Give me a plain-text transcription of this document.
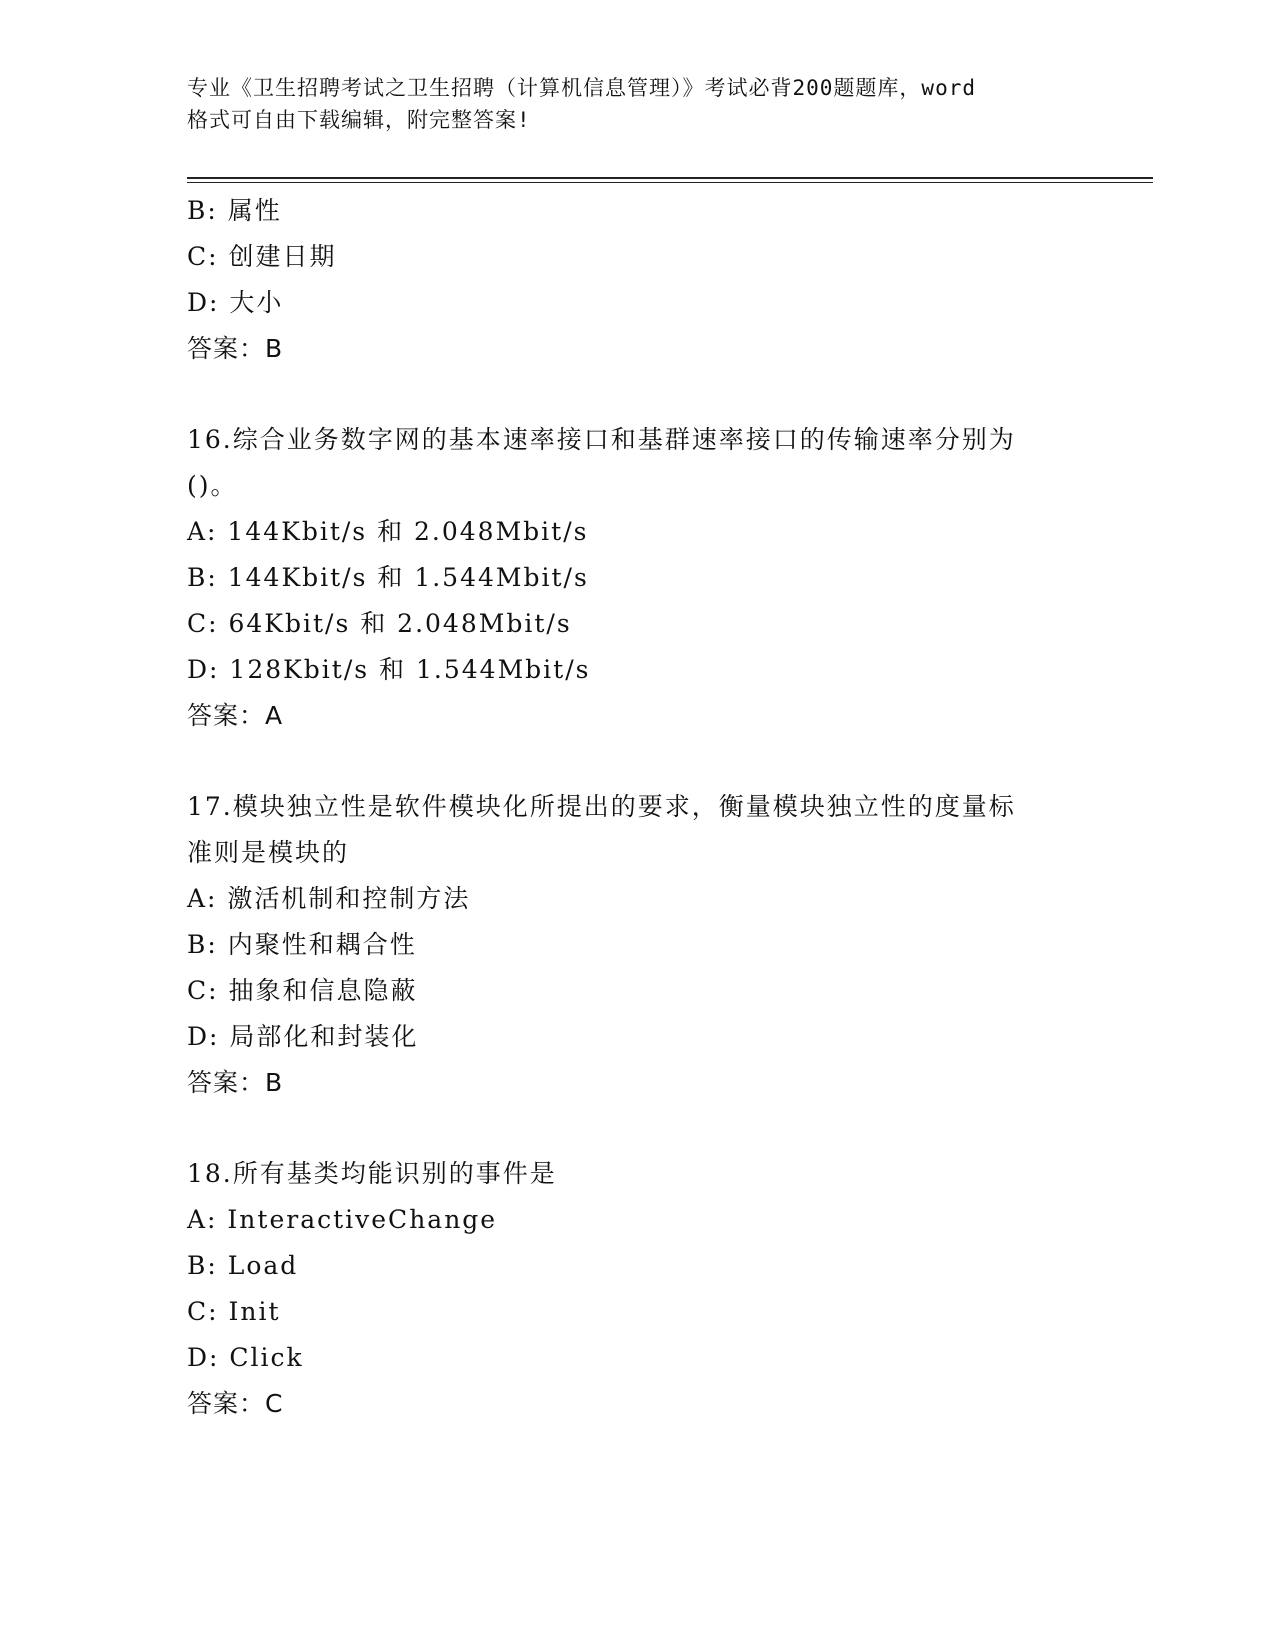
专业《卫生招聘考试之卫生招聘（计算机信息管理）》考试必背200题题库，word
格式可自由下载编辑，附完整答案!
B: 属性
C: 创建日期
D: 大小
答案：B
16.综合业务数字网的基本速率接口和基群速率接口的传输速率分别为
()。
A: 144Kbit/s 和 2.048Mbit/s
B: 144Kbit/s 和 1.544Mbit/s
C: 64Kbit/s 和 2.048Mbit/s
D: 128Kbit/s 和 1.544Mbit/s
答案：A
17.模块独立性是软件模块化所提出的要求，衡量模块独立性的度量标
准则是模块的
A: 激活机制和控制方法
B: 内聚性和耦合性
C: 抽象和信息隐蔽
D: 局部化和封装化
答案：B
18.所有基类均能识别的事件是
A: InteractiveChange
B: Load
C: Init
D: Click
答案：C
